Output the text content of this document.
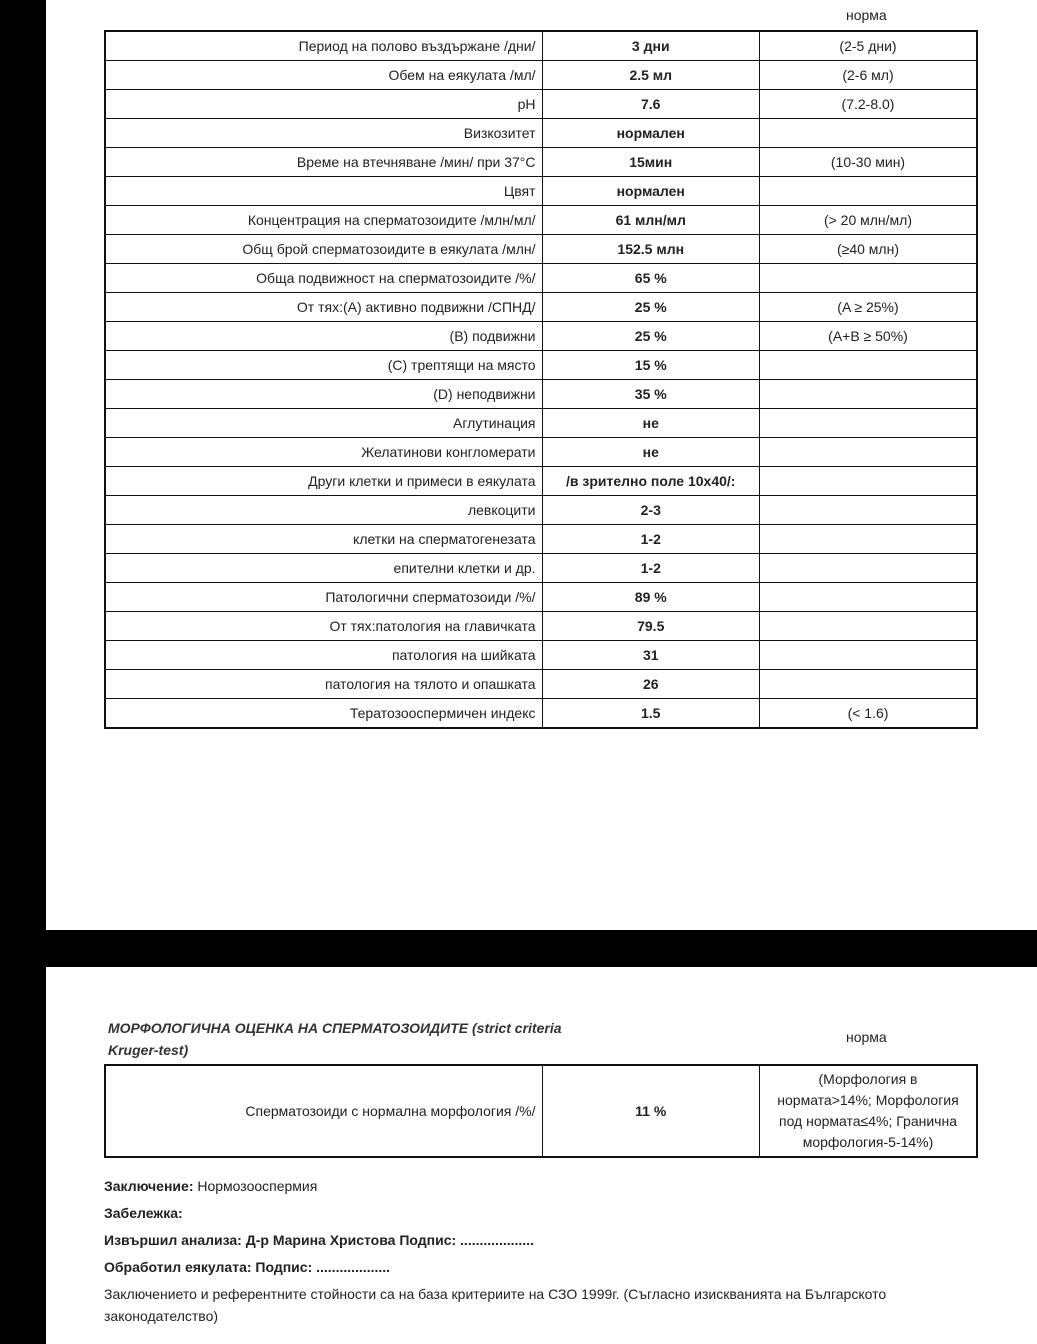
норма
Период на полово въздържане /дни/	3 дни	(2-5 дни)
Обем на еякулата /мл/	2.5 мл	(2-6 мл)
pH	7.6	(7.2-8.0)
Визкозитет	нормален	
Време на втечняване /мин/ при 37°C	15мин	(10-30 мин)
Цвят	нормален	
Концентрация на сперматозоидите /млн/мл/	61 млн/мл	(> 20 млн/мл)
Общ брой сперматозоидите в еякулата /млн/	152.5 млн	(≥40 млн)
Обща подвижност на сперматозоидите /%/	65 %	
От тях:(A) активно подвижни /СПНД/	25 %	(A ≥ 25%)
(B) подвижни	25 %	(A+B ≥ 50%)
(C) трептящи на място	15 %	
(D) неподвижни	35 %	
Аглутинация	не	
Желатинови конгломерати	не	
Други клетки и примеси в еякулата	/в зрително поле 10х40/:	
левкоцити	2-3	
клетки на сперматогенезата	1-2	
епителни клетки и др.	1-2	
Патологични сперматозоиди /%/	89 %	
От тях:патология на главичката	79.5	
патология на шийката	31	
патология на тялото и опашката	26	
Тератозооспермичен индекс	1.5	(< 1.6)
МОРФОЛОГИЧНА ОЦЕНКА НА СПЕРМАТОЗОИДИТЕ (strict criteria Kruger-test)
норма
Сперматозоиди с нормална морфология /%/	11 %	(Морфология в нормата>14%; Морфология под нормата≤4%; Гранична морфология-5-14%)
Заключение: Нормозооспермия
Забележка:
Извършил анализа: Д-р Марина Христова Подпис: ...................
Обработил еякулата: Подпис: ...................
Заключението и референтните стойности са на база критериите на СЗО 1999г. (Съгласно изискванията на Българското законодателство)
